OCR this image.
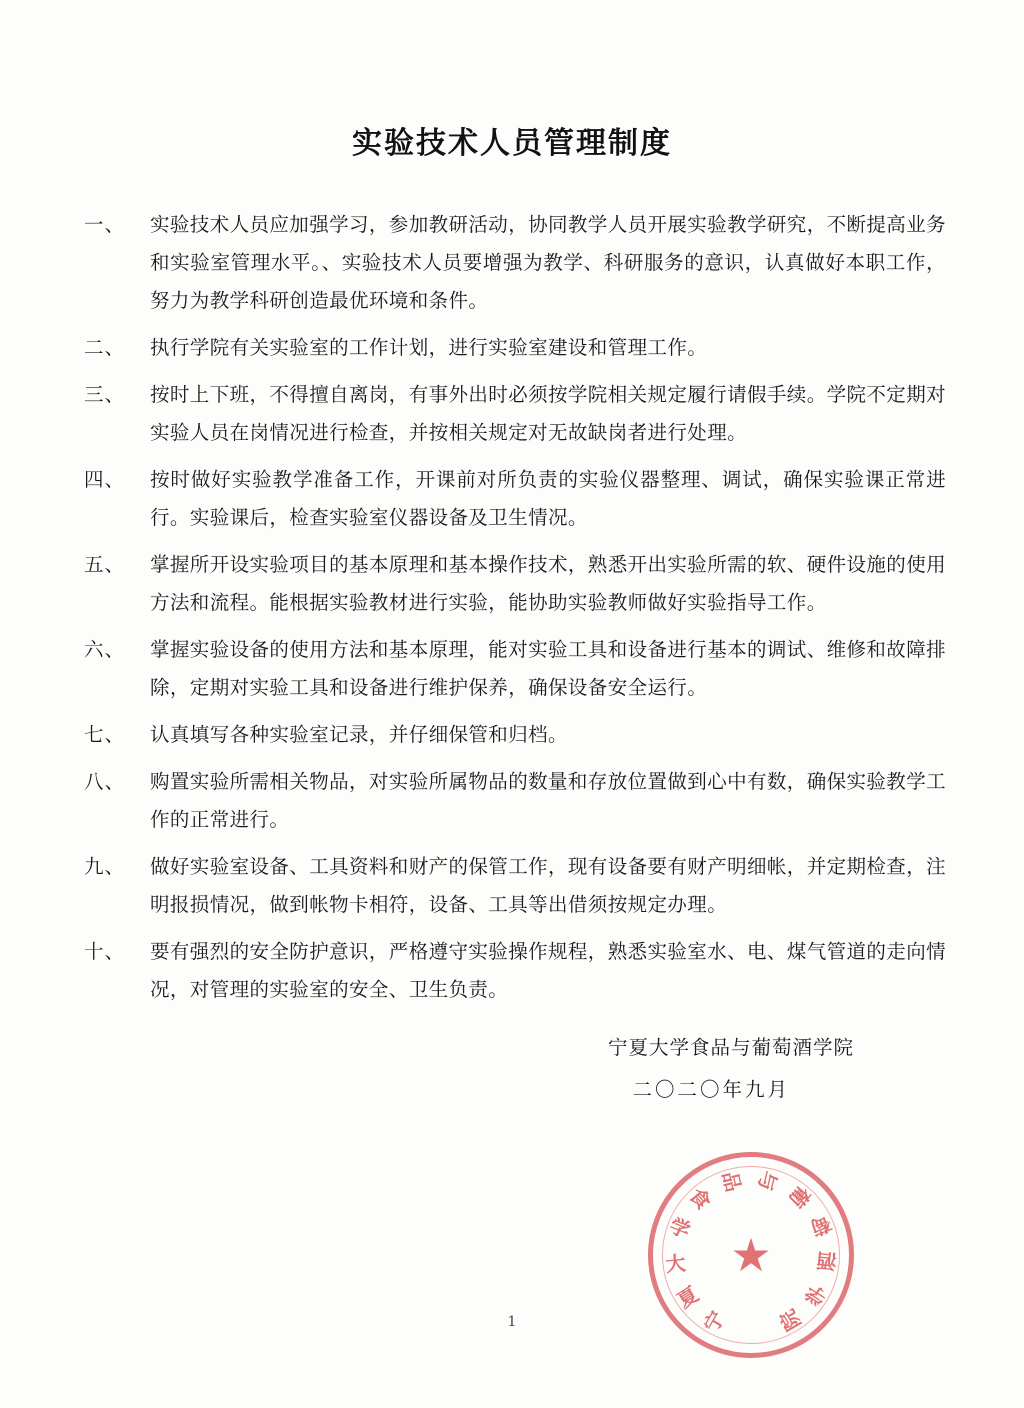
实验技术人员管理制度
一、	实验技术人员应加强学习，参加教研活动，协同教学人员开展实验教学研究，不断提高业务和实验室管理水平。、实验技术人员要增强为教学、科研服务的意识，认真做好本职工作，努力为教学科研创造最优环境和条件。
二、	执行学院有关实验室的工作计划，进行实验室建设和管理工作。
三、	按时上下班，不得擅自离岗，有事外出时必须按学院相关规定履行请假手续。学院不定期对实验人员在岗情况进行检查，并按相关规定对无故缺岗者进行处理。
四、	按时做好实验教学准备工作，开课前对所负责的实验仪器整理、调试，确保实验课正常进行。实验课后，检查实验室仪器设备及卫生情况。
五、	掌握所开设实验项目的基本原理和基本操作技术，熟悉开出实验所需的软、硬件设施的使用方法和流程。能根据实验教材进行实验，能协助实验教师做好实验指导工作。
六、	掌握实验设备的使用方法和基本原理，能对实验工具和设备进行基本的调试、维修和故障排除，定期对实验工具和设备进行维护保养，确保设备安全运行。
七、	认真填写各种实验室记录，并仔细保管和归档。
八、	购置实验所需相关物品，对实验所属物品的数量和存放位置做到心中有数，确保实验教学工作的正常进行。
九、	做好实验室设备、工具资料和财产的保管工作，现有设备要有财产明细帐，并定期检查，注明报损情况，做到帐物卡相符，设备、工具等出借须按规定办理。
十、	要有强烈的安全防护意识，严格遵守实验操作规程，熟悉实验室水、电、煤气管道的走向情况，对管理的实验室的安全、卫生负责。
宁夏大学食品与葡萄酒学院
二〇二〇年九月
宁
夏
大
学
食
品 与
葡
萄
酒
学
院
★
1
